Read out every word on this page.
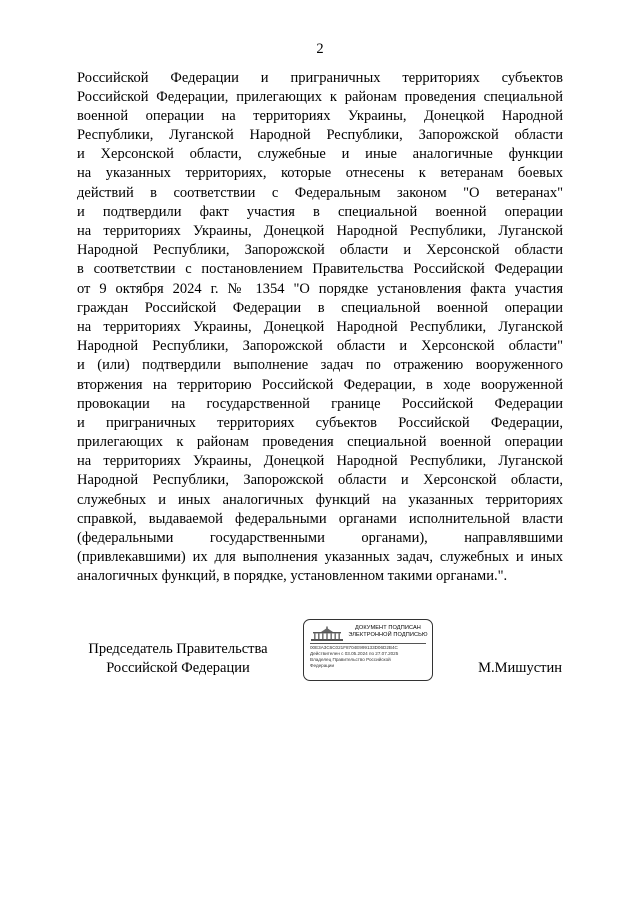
2
Российской Федерации и приграничных территориях субъектов
Российской Федерации, прилегающих к районам проведения специальной
военной операции на территориях Украины, Донецкой Народной
Республики, Луганской Народной Республики, Запорожской области
и Херсонской области, служебные и иные аналогичные функции
на указанных территориях, которые отнесены к ветеранам боевых
действий в соответствии с Федеральным законом "О ветеранах"
и подтвердили факт участия в специальной военной операции
на территориях Украины, Донецкой Народной Республики, Луганской
Народной Республики, Запорожской области и Херсонской области
в соответствии с постановлением Правительства Российской Федерации
от 9 октября 2024 г. № 1354 "О порядке установления факта участия
граждан Российской Федерации в специальной военной операции
на территориях Украины, Донецкой Народной Республики, Луганской
Народной Республики, Запорожской области и Херсонской области"
и (или) подтвердили выполнение задач по отражению вооруженного
вторжения на территорию Российской Федерации, в ходе вооруженной
провокации на государственной границе Российской Федерации
и приграничных территориях субъектов Российской Федерации,
прилегающих к районам проведения специальной военной операции
на территориях Украины, Донецкой Народной Республики, Луганской
Народной Республики, Запорожской области и Херсонской области,
служебных и иных аналогичных функций на указанных территориях
справкой, выдаваемой федеральными органами исполнительной власти
(федеральными государственными органами), направлявшими
(привлекавшими) их для выполнения указанных задач, служебных и иных
аналогичных функций, в порядке, установленном такими органами.".
Председатель Правительства
Российской Федерации
ДОКУМЕНТ ПОДПИСАН
ЭЛЕКТРОННОЙ ПОДПИСЬЮ
00E3A3C6C021F8704E999133D06D2B4C
Действителен с 03.05.2024 по 27.07.2025
Владелец Правительство Российской
Федерации	М.Мишустин
